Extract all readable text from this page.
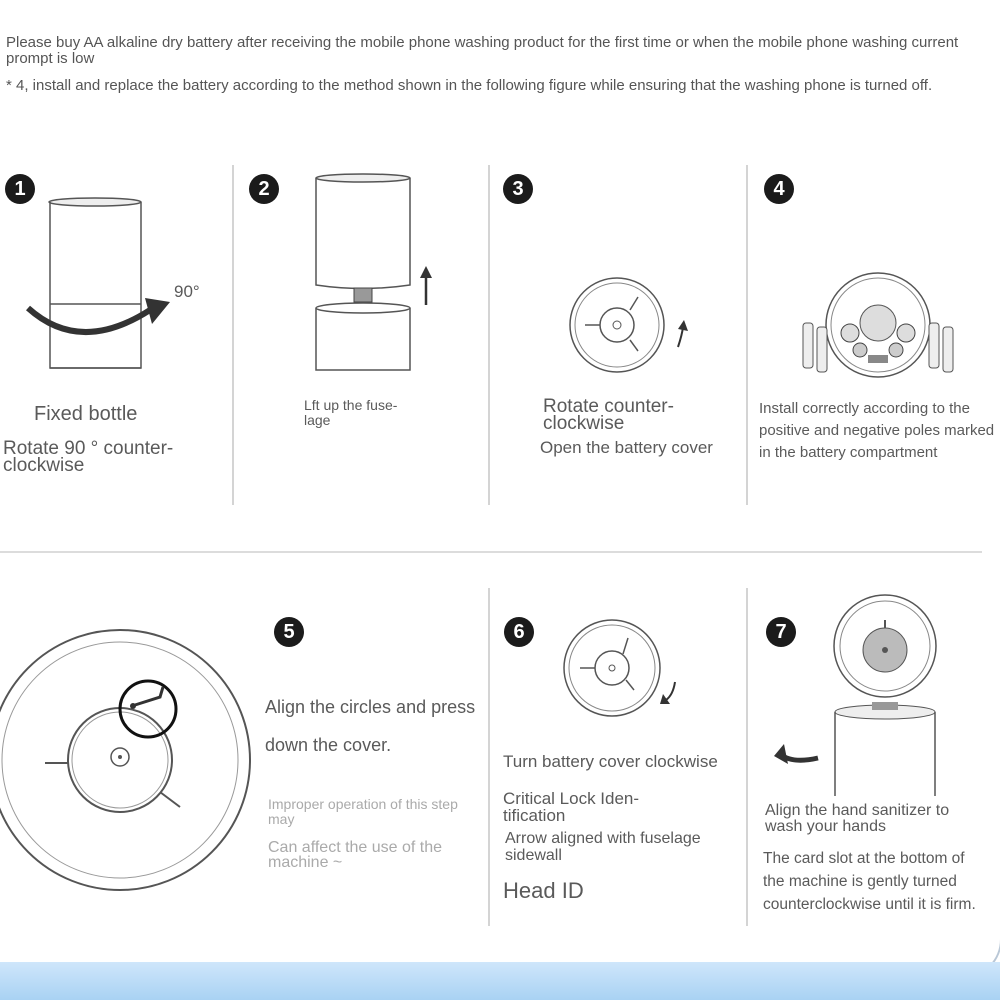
Please buy AA alkaline dry battery after receiving the mobile phone washing product for the first time or when the mobile phone washing current prompt is low
* 4, install and replace the battery according to the method shown in the following figure while ensuring that the washing phone is turned off.
1
90°
Fixed bottle
Rotate 90 ° counter-clockwise
2
Lft up the fuse-lage
3
Rotate counter-clockwise
Open the battery cover
4
Install correctly according to the positive and negative poles marked in the battery compartment
5
Align the circles and press down the cover.
Improper operation of this step may
Can affect the use of the machine ~
6
Turn battery cover clockwise
Critical Lock Iden-tification
Arrow aligned with fuselage sidewall
Head ID
7
Align the hand sanitizer to wash your hands
The card slot at the bottom of the machine is gently turned counterclockwise until it is firm.
